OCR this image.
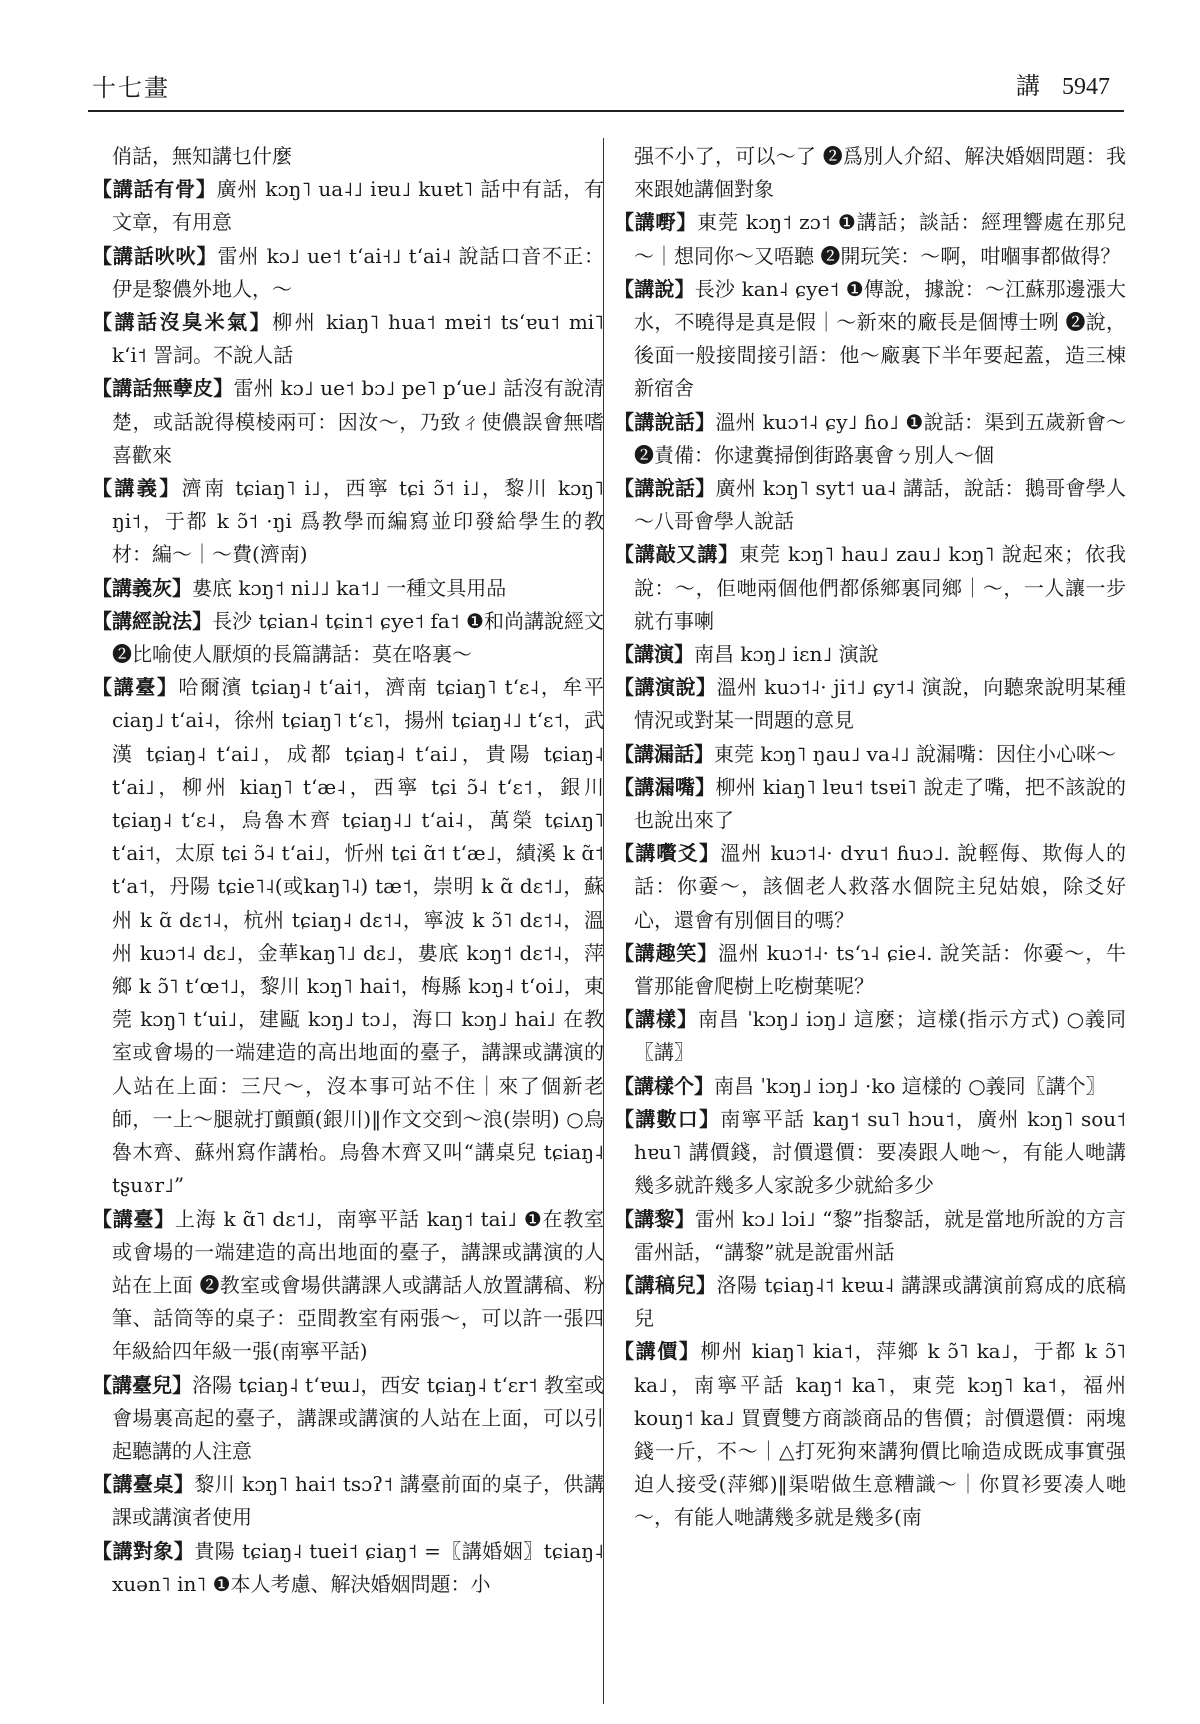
十七畫	講 5947

俏話，無知講乜什麼

【 講話有骨 】 廣州 kɔŋ˥ ua˨˩ iɐu˩ kuɐt˥ 話中有話，有文章，有用意

【 講話吙吙 】 雷州 kɔ˩ ue˦ tʻai˧˩ tʻai˨ 說話口音不正：伊是黎儂外地人，～

【 講話沒臭米氣 】 柳州 kiaŋ˥ hua˦ mɐi˦ tsʻɐu˦ mi˥ kʻi˦ 詈詞。不說人話

【 講話無孽皮 】 雷州 kɔ˩ ue˦ bɔ˩ pe˥ pʻue˩ 話沒有說清楚，或話說得模棱兩可：因汝～，乃致ㄔ使儂誤會無嗜喜歡來

【 講義 】 濟南 tɕiaŋ˥ i˩，西寧 tɕi ɔ̃˦ i˩，黎川 kɔŋ˥ ŋi˦，于都 k ɔ̃˦ ·ŋi 爲教學而編寫並印發給學生的教材：編～｜～費(濟南)

【 講義灰 】 婁底 kɔŋ˦ ni˩˩ ka˦˩ 一種文具用品

【 講經說法 】 長沙 tɕian˨ tɕin˦ ɕye˦ fa˦ ❶和尚講說經文 ❷比喻使人厭煩的長篇講話：莫在咯裏～

【 講臺 】 哈爾濱 tɕiaŋ˨ tʻai˦，濟南 tɕiaŋ˥ tʻɛ˨，牟平 ciaŋ˩ tʻai˨，徐州 tɕiaŋ˥ tʻɛ˥，揚州 tɕiaŋ˨˩ tʻɛ˦，武漢 tɕiaŋ˨ tʻai˩，成都 tɕiaŋ˨ tʻai˩，貴陽 tɕiaŋ˨ tʻai˩，柳州 kiaŋ˥ tʻæ˨，西寧 tɕi ɔ̃˨ tʻɛ˦，銀川 tɕiaŋ˨ tʻɛ˨，烏魯木齊 tɕiaŋ˨˩ tʻai˨，萬榮 tɕiʌŋ˥ tʻai˦，太原 tɕi ɔ̃˨ tʻai˩，忻州 tɕi ɑ̃˦ tʻæ˩，績溪 k ɑ̃˦ tʻa˦，丹陽 tɕie˥˨(或kaŋ˥˨) tæ˦，崇明 k ɑ̃ dɛ˦˩，蘇州 k ɑ̃ dɛ˦˨，杭州 tɕiaŋ˨ dɛ˦˨，寧波 k ɔ̃˥ dɛ˦˨，溫州 kuɔ˦˨ dɛ˩，金華kaŋ˥˩ dɛ˩，婁底 kɔŋ˦ dɛ˦˨，萍鄉 k ɔ̃˥ tʻœ˦˩，黎川 kɔŋ˥ hai˦，梅縣 kɔŋ˨ tʻoi˩，東莞 kɔŋ˥ tʻui˩，建甌 kɔŋ˩ tɔ˩，海口 kɔŋ˩ hai˩ 在教室或會場的一端建造的高出地面的臺子，講課或講演的人站在上面：三尺～，沒本事可站不住｜來了個新老師，一上～腿就打顫顫(銀川)‖作文交到～浪(崇明) ○烏魯木齊、蘇州寫作講枱。烏魯木齊又叫“講桌兒 tɕiaŋ˨ tʂuɤr˩”

【 講臺 】 上海 k ɑ̃˥ dɛ˦˩，南寧平話 kaŋ˦ tai˩ ❶在教室或會場的一端建造的高出地面的臺子，講課或講演的人站在上面 ❷教室或會場供講課人或講話人放置講稿、粉筆、話筒等的桌子：亞間教室有兩張～，可以許一張四年級給四年級一張(南寧平話)

【 講臺兒 】 洛陽 tɕiaŋ˨ tʻɐɯ˩，西安 tɕiaŋ˨ tʻɛr˦ 教室或會場裏高起的臺子，講課或講演的人站在上面，可以引起聽講的人注意

【 講臺桌 】 黎川 kɔŋ˥ hai˦ tsɔʔ˦ 講臺前面的桌子，供講課或講演者使用

【 講對象 】 貴陽 tɕiaŋ˨ tuei˦ ɕiaŋ˦ =〖講婚姻〗tɕiaŋ˨ xuən˥ in˥ ❶本人考慮、解決婚姻問題：小

强不小了，可以～了 ❷爲別人介紹、解決婚姻問題：我來跟她講個對象

【 講嘢 】 東莞 kɔŋ˦ zɔ˦ ❶講話；談話：經理響處在那兒～｜想同你～又唔聽 ❷開玩笑：～啊，咁嗰事都做得？

【 講說 】 長沙 kan˨ ɕye˦ ❶傳說，據說：～江蘇那邊漲大水，不曉得是真是假｜～新來的廠長是個博士咧 ❷說，後面一般接間接引語：他～廠裏下半年要起蓋，造三棟新宿舍

【 講說話 】 溫州 kuɔ˦˨ ɕy˩ ɦo˩ ❶說話：渠到五歲新會～ ❷責備：你逮糞掃倒街路裏會ㄅ別人～個

【 講說話 】 廣州 kɔŋ˥ syt˦ ua˨ 講話，說話：鵝哥會學人～八哥會學人說話

【 講敲又講 】 東莞 kɔŋ˥ hau˩ zau˩ kɔŋ˥ 說起來；依我說：～，佢哋兩個他們都係鄉裏同鄉｜～，一人讓一步就冇事喇

【 講演 】 南昌 kɔŋ˩ iɛn˩ 演說

【 講演說 】 溫州 kuɔ˦˨· ji˦˩ ɕy˦˨ 演說，向聽衆說明某種情況或對某一問題的意見

【 講漏話 】 東莞 kɔŋ˥ ŋau˩ va˨˩ 說漏嘴：因住小心咪～

【 講漏嘴 】 柳州 kiaŋ˥ lɐu˦ tsɐi˥ 說走了嘴，把不該說的也說出來了

【 講嚽爻 】 溫州 kuɔ˦˨· dʏu˦ ɦuɔ˩. 說輕侮、欺侮人的話：你嫑～，該個老人救落水個院主兒姑娘，除爻好心，還會有別個目的嗎？

【 講趣笑 】 溫州 kuɔ˦˨· tsʻɿ˨ ɕie˨. 說笑話：你嫑～，牛嘗那能會爬樹上吃樹葉呢？

【 講樣 】 南昌 ˈkɔŋ˩ iɔŋ˩ 這麼；這樣(指示方式) ○義同〖講〗

【 講樣个 】 南昌 ˈkɔŋ˩ iɔŋ˩ ·ko 這樣的 ○義同〖講个〗

【 講數口 】 南寧平話 kaŋ˦ su˥ hɔu˦，廣州 kɔŋ˥ sou˦ hɐu˥ 講價錢，討價還價：要凑跟人哋～，有能人哋講幾多就許幾多人家說多少就給多少

【 講黎 】 雷州 kɔ˩ lɔi˩ “黎”指黎話，就是當地所說的方言雷州話，“講黎”就是說雷州話

【 講稿兒 】 洛陽 tɕiaŋ˨˦ kɐɯ˨ 講課或講演前寫成的底稿兒

【 講價 】 柳州 kiaŋ˥ kia˦，萍鄉 k ɔ̃˥ ka˩，于都 k ɔ̃˥ ka˩，南寧平話 kaŋ˦ ka˥，東莞 kɔŋ˥ ka˦，福州 kouŋ˦ ka˩ 買賣雙方商談商品的售價；討價還價：兩塊錢一斤，不～｜△打死狗來講狗價比喻造成既成事實强迫人接受(萍鄉)‖渠啱做生意糟識～｜你買衫要凑人哋～，有能人哋講幾多就是幾多(南
